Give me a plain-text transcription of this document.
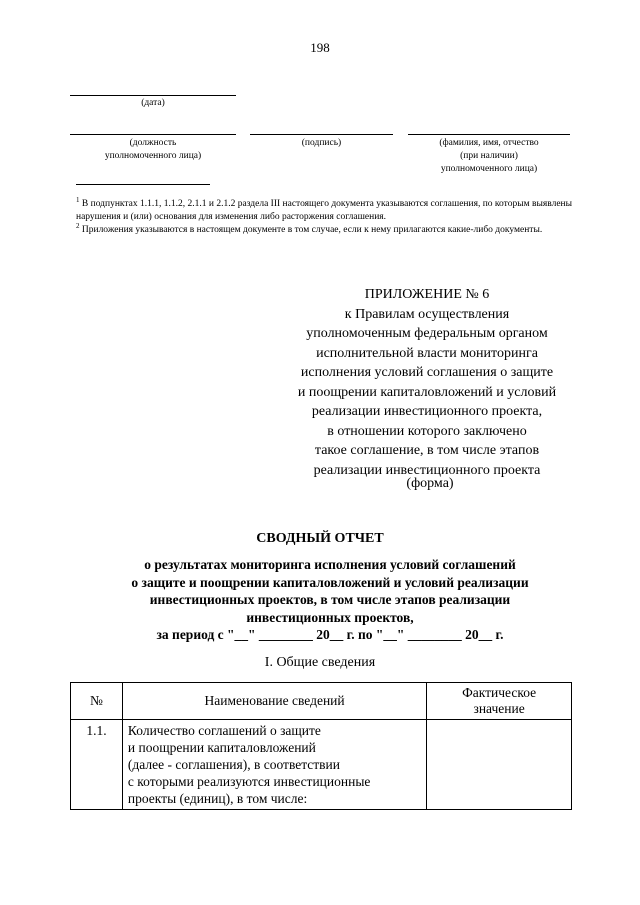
198
(дата)
(должность
уполномоченного лица)
(подпись)	(фамилия, имя, отчество
(при наличии)
уполномоченного лица)
$^1$ В подпунктах 1.1.1, 1.1.2, 2.1.1 и 2.1.2 раздела III настоящего документа указываются соглашения, по которым выявлены нарушения и (или) основания для изменения либо расторжения соглашения.
$^2$ Приложения указываются в настоящем документе в том случае, если к нему прилагаются какие-либо документы.
ПРИЛОЖЕНИЕ № 6
к Правилам осуществления
уполномоченным федеральным органом
исполнительной власти мониторинга
исполнения условий соглашения о защите
и поощрении капиталовложений и условий
реализации инвестиционного проекта,
в отношении которого заключено
такое соглашение, в том числе этапов
реализации инвестиционного проекта
(форма)
СВОДНЫЙ ОТЧЕТ
о результатах мониторинга исполнения условий соглашений
о защите и поощрении капиталовложений и условий реализации
инвестиционных проектов, в том числе этапов реализации
инвестиционных проектов,
за период с "__" ________ 20__ г. по "__" ________ 20__ г.
I. Общие сведения
№	Наименование сведений	Фактическое
значение
1.1.	Количество соглашений о защите
и поощрении капиталовложений
(далее - соглашения), в соответствии
с которыми реализуются инвестиционные
проекты (единиц), в том числе:	
